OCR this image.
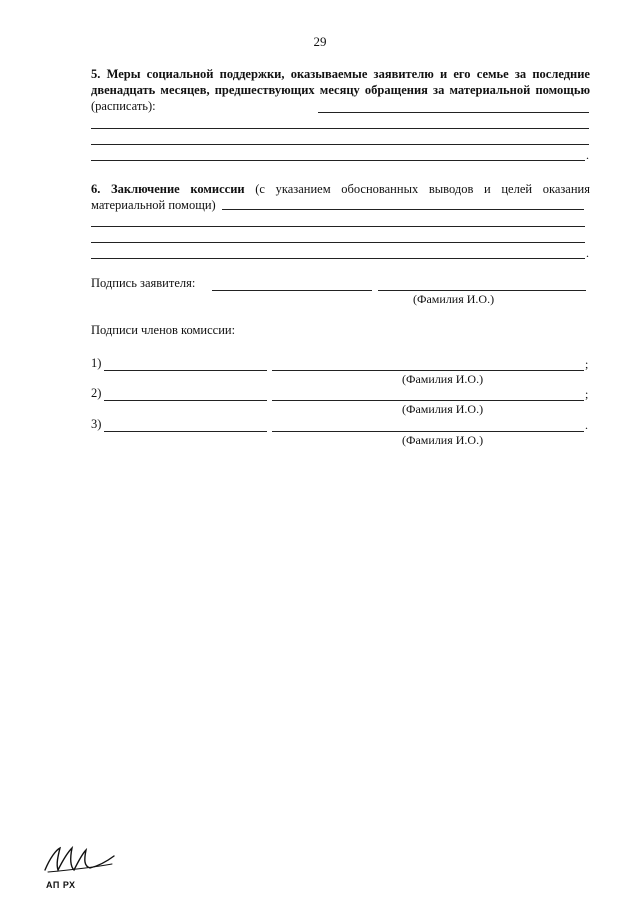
29
5. Меры социальной поддержки, оказываемые заявителю и его семье за последние двенадцать месяцев, предшествующих месяцу обращения за материальной помощью (расписать):
.
6. Заключение комиссии (с указанием обоснованных выводов и целей оказания материальной помощи)
.
Подпись заявителя:
(Фамилия И.О.)
Подписи членов комиссии:
1)	;
(Фамилия И.О.)
2)	;
(Фамилия И.О.)
3)	.
(Фамилия И.О.)
АП РХ
